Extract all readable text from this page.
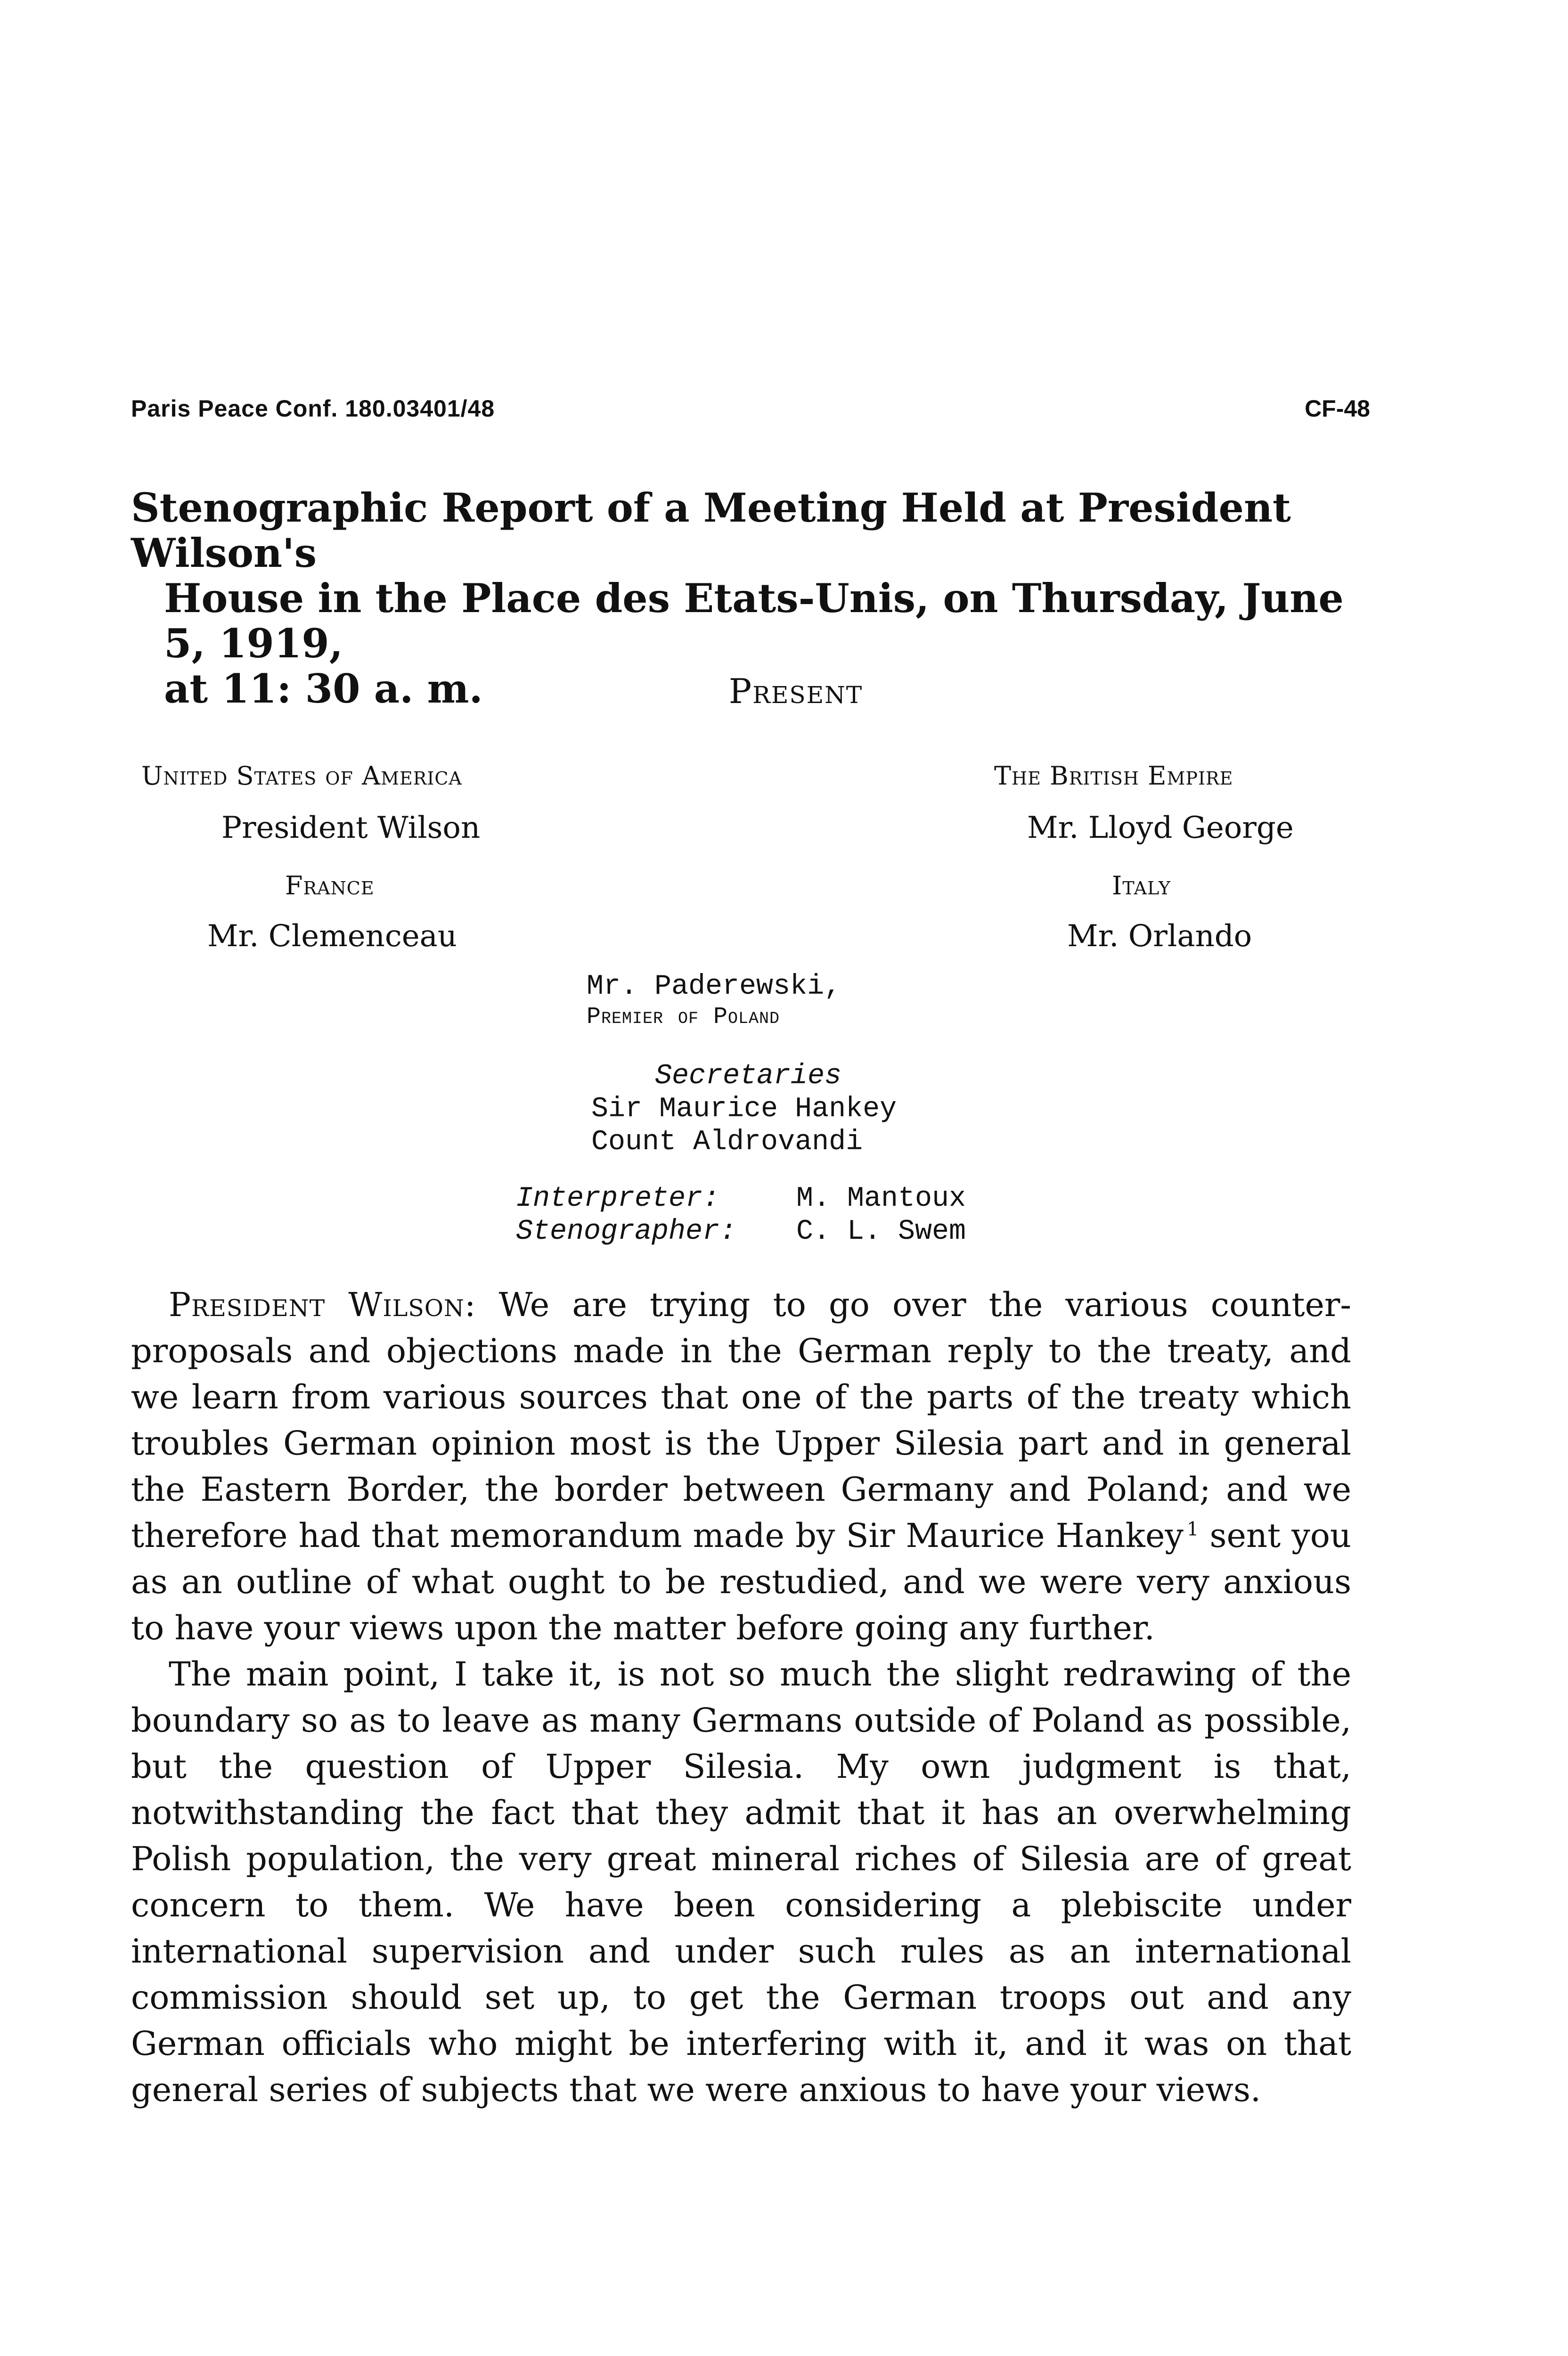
Paris Peace Conf. 180.03401/48	CF-48
Stenographic Report of a Meeting Held at President Wilson's
House in the Place des Etats-Unis, on Thursday, June 5, 1919,
at 11: 30 a. m.	Present
United States of America
President Wilson
France
Mr. Clemenceau
The British Empire
Mr. Lloyd George
Italy
Mr. Orlando
Mr. Paderewski,
Premier of Poland
Secretaries
Sir Maurice Hankey
Count Aldrovandi
Interpreter:	M. Mantoux
Stenographer: C. L. Swem

President Wilson: We are trying to go over the various counter-proposals and objections made in the German reply to the treaty, and we learn from various sources that one of the parts of the treaty which troubles German opinion most is the Upper Silesia part and in general the Eastern Border, the border between Germany and Poland; and we therefore had that memorandum made by Sir Maurice Hankey  $^1$ sent you as an outline of what ought to be restudied, and we were very anxious to have your views upon the matter before going any further.

The main point, I take it, is not so much the slight redrawing of the boundary so as to leave as many Germans outside of Poland as possible, but the question of Upper Silesia. My own judgment is that, notwithstanding the fact that they admit that it has an overwhelming Polish population, the very great mineral riches of Silesia are of great concern to them. We have been considering a plebiscite under international supervision and under such rules as an international commission should set up, to get the German troops out and any German officials who might be interfering with it, and it was on that general series of subjects that we were anxious to have your views.
